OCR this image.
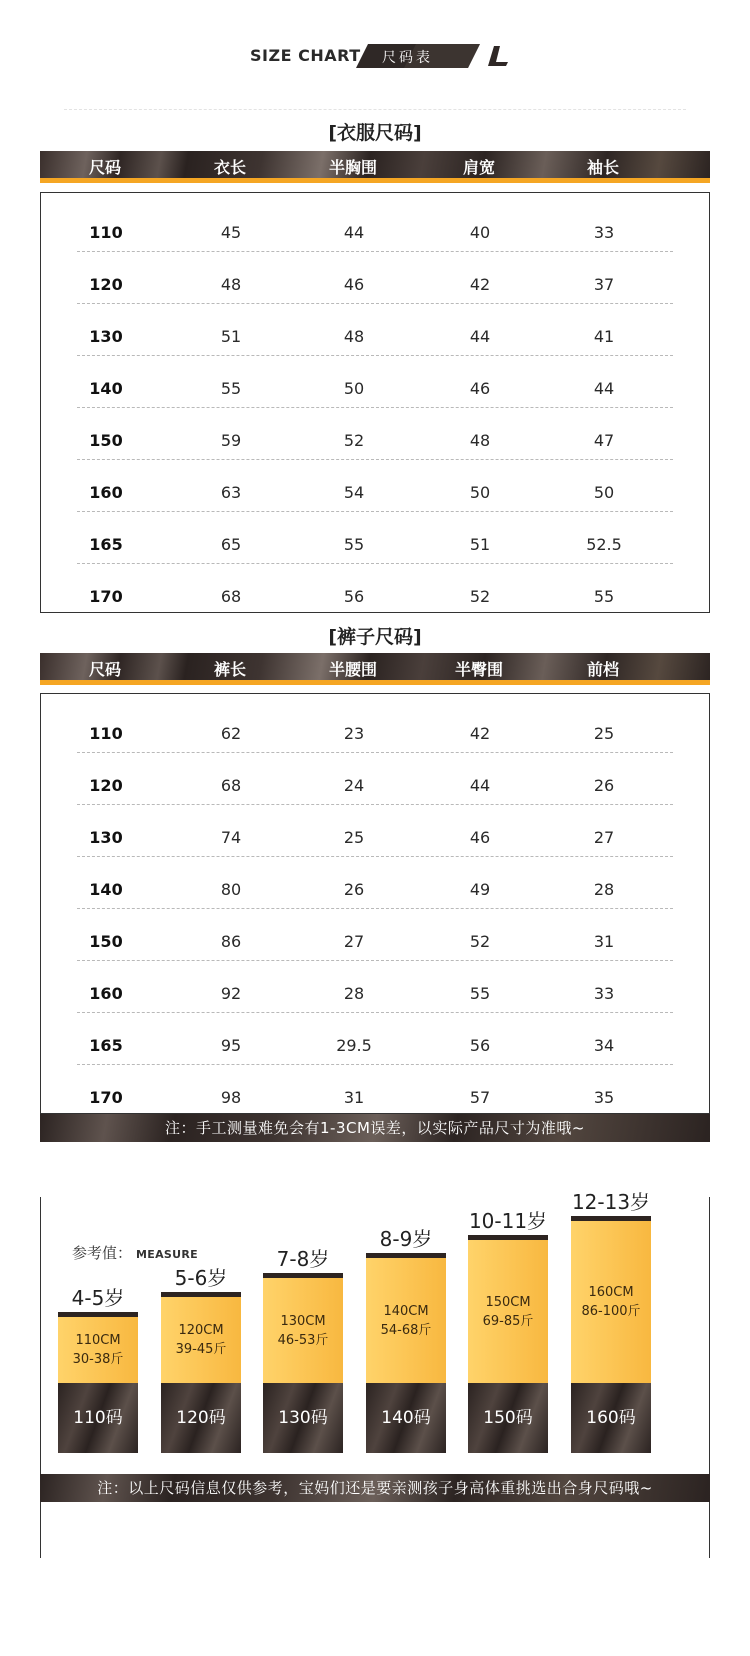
SIZE CHART 尺码表
[衣服尺码]
尺码	衣长	半胸围	肩宽	袖长
110	45	44	40	33
120	48	46	42	37
130	51	48	44	41
140	55	50	46	44
150	59	52	48	47
160	63	54	50	50
165	65	55	51	52.5
170	68	56	52	55
[裤子尺码]
尺码	裤长	半腰围	半臀围	前档
110	62	23	42	25
120	68	24	44	26
130	74	25	46	27
140	80	26	49	28
150	86	27	52	31
160	92	28	55	33
165	95	29.5	56	34
170	98	31	57	35
注：手工测量难免会有1-3CM误差，以实际产品尺寸为准哦~
参考值： MEASURE
4-5岁
110CM
30-38斤
110码
5-6岁
120CM
39-45斤
120码
7-8岁
130CM
46-53斤
130码
8-9岁
140CM
54-68斤
140码
10-11岁
150CM
69-85斤
150码
12-13岁
160CM
86-100斤
160码
注：以上尺码信息仅供参考，宝妈们还是要亲测孩子身高体重挑选出合身尺码哦~
